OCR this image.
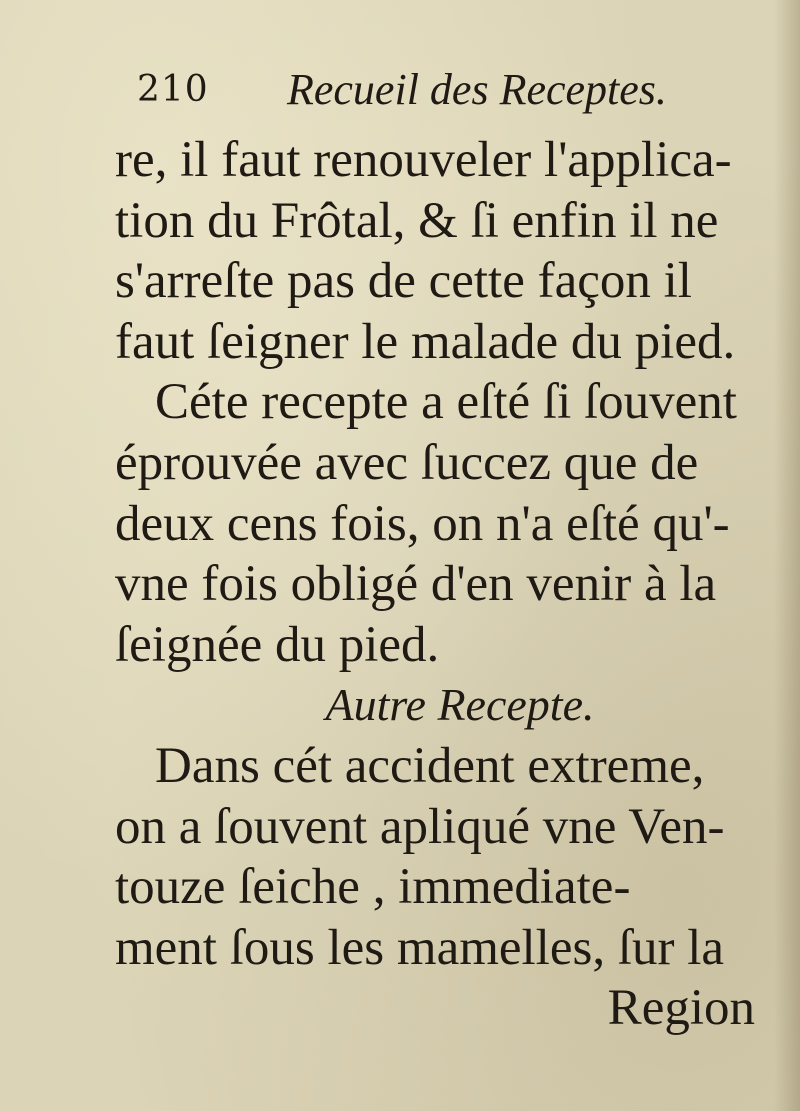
210 Recueil des Receptes.
re, il faut renouveler l'applica-
tion du Frôtal, & ſi enfin il ne
s'arreſte pas de cette façon il
faut ſeigner le malade du pied.
Céte recepte a eſté ſi ſouvent
éprouvée avec ſuccez que de
deux cens fois, on n'a eſté qu'-
vne fois obligé d'en venir à la
ſeignée du pied.
Autre Recepte.
Dans cét accident extreme,
on a ſouvent apliqué vne Ven-
touze ſeiche , immediate-
ment ſous les mamelles, ſur la
Region
